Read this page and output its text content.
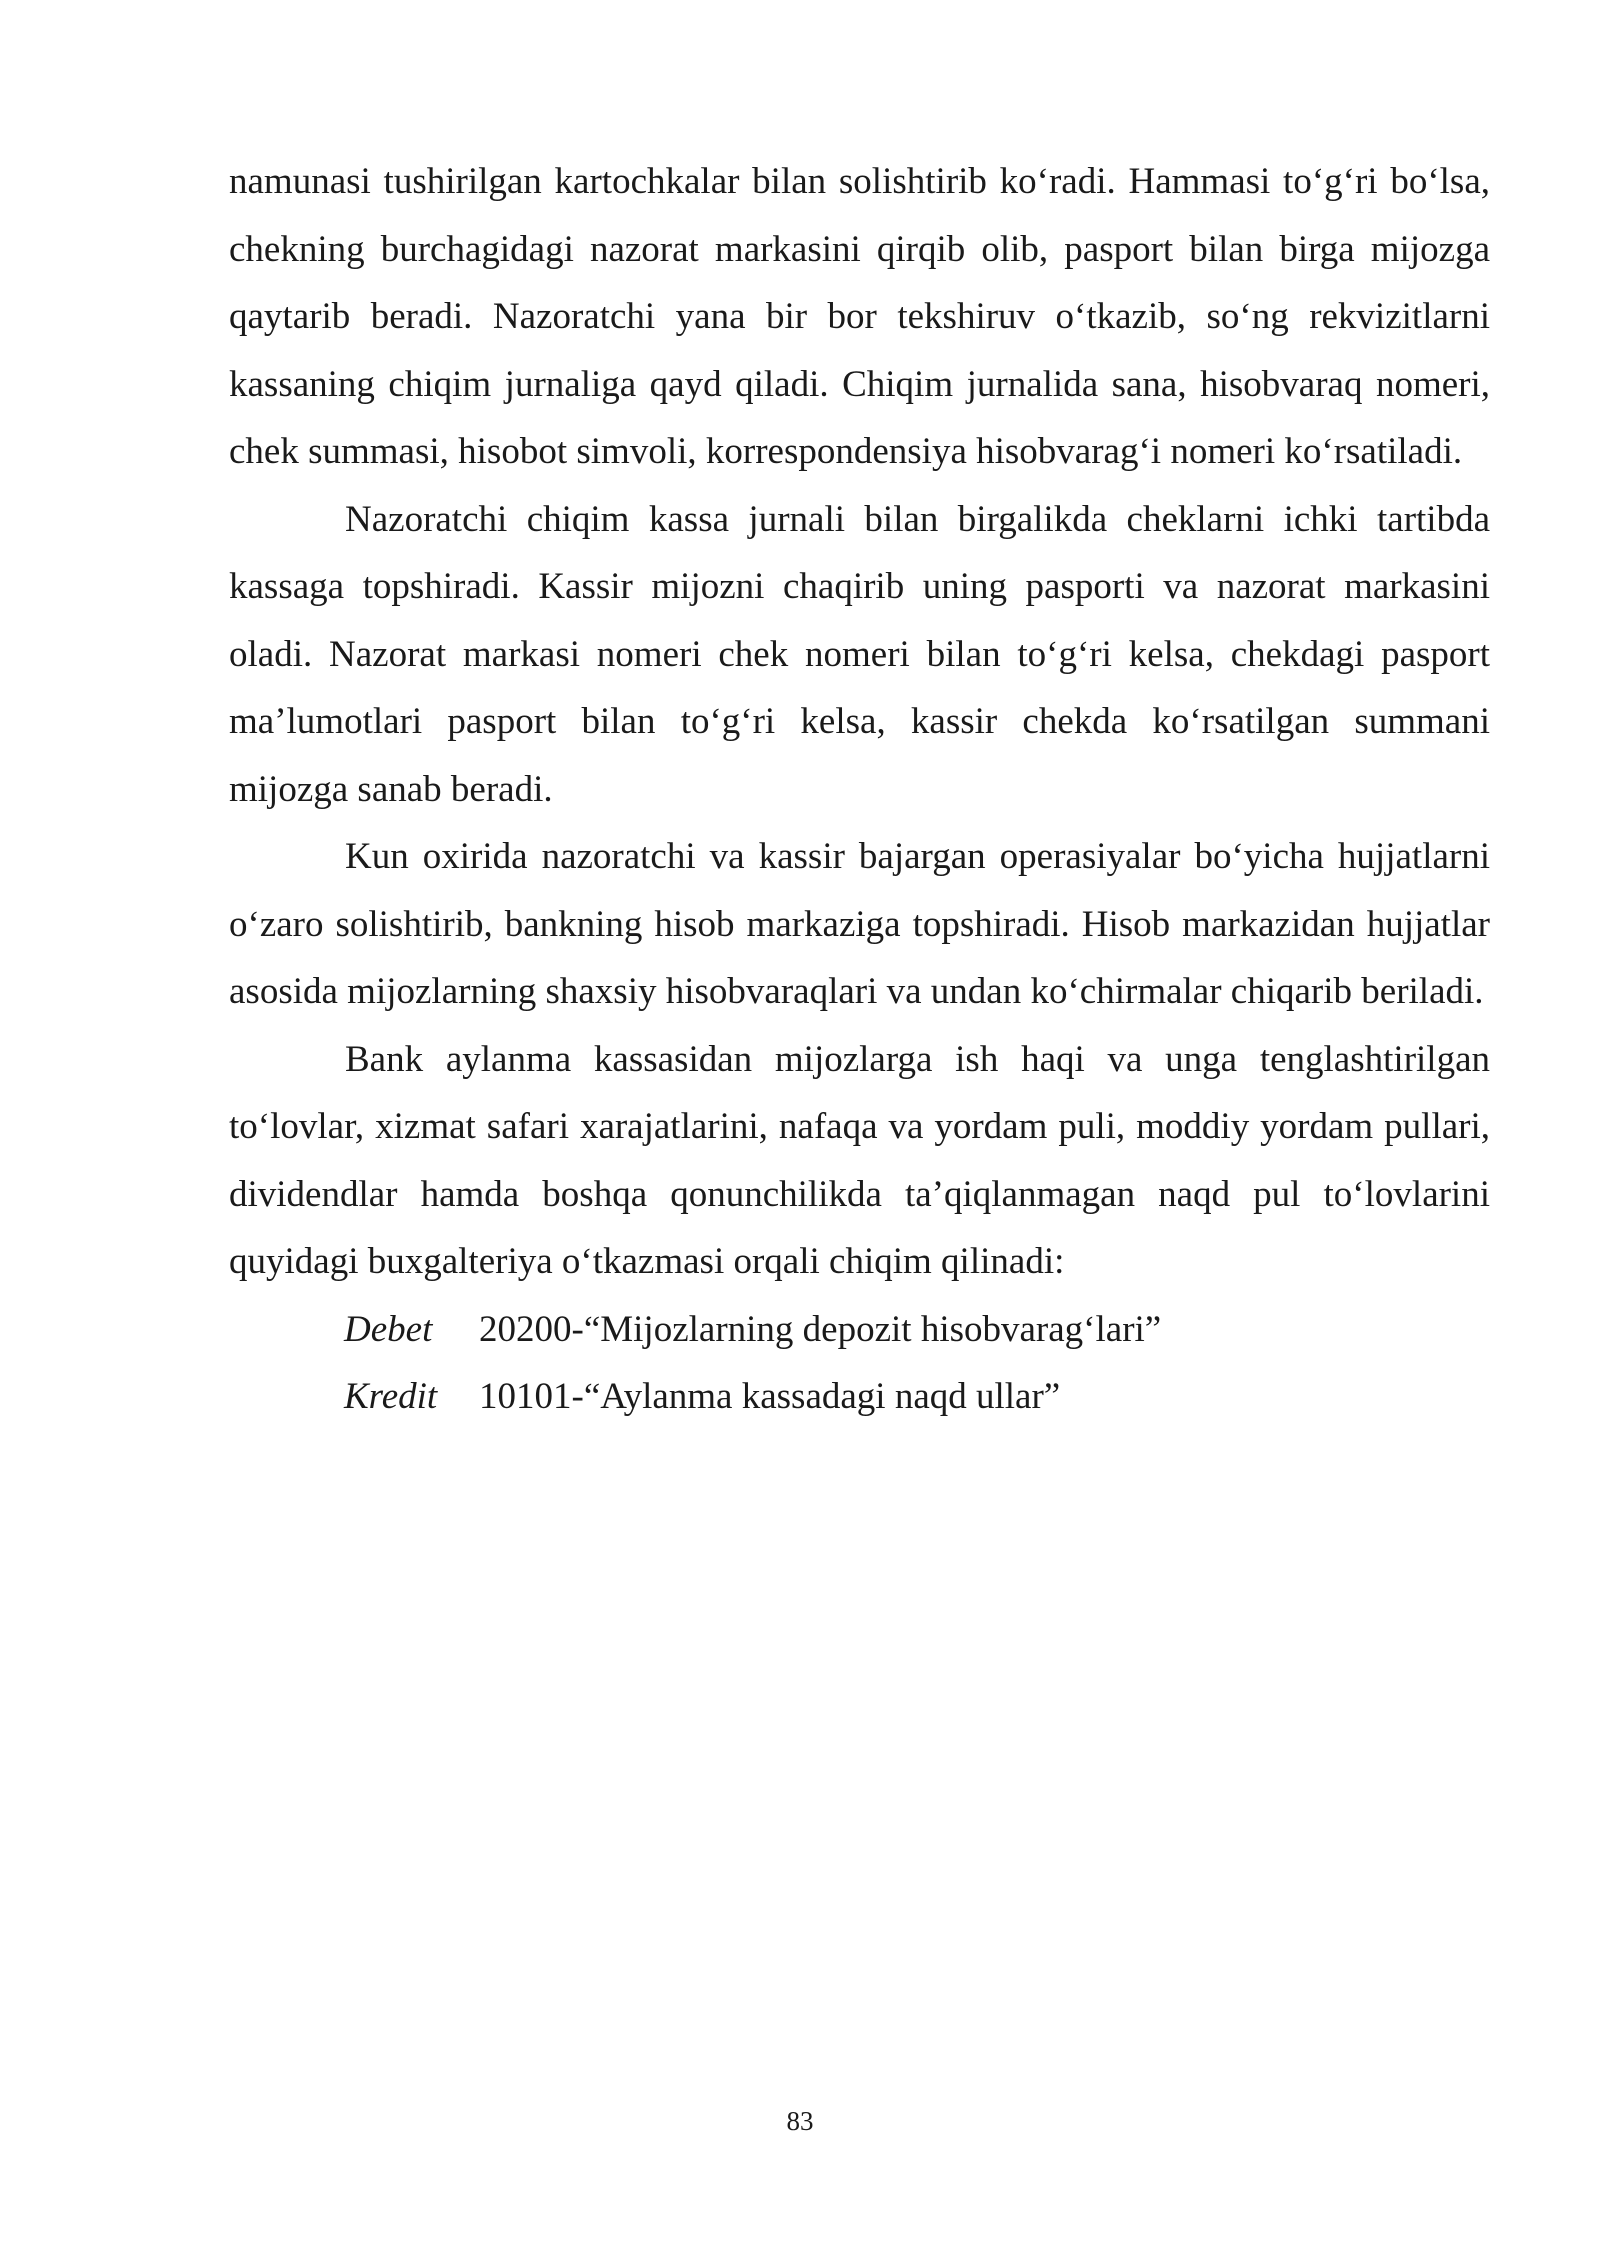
namunasi tushirilgan kartochkalar bilan solishtirib ko‘radi. Hammasi to‘g‘ri bo‘lsa, chekning burchagidagi nazorat markasini qirqib olib, pasport bilan birga mijozga qaytarib beradi. Nazoratchi yana bir bor tekshiruv o‘tkazib, so‘ng rekvizitlarni kassaning chiqim jurnaliga qayd qiladi. Chiqim jurnalida sana, hisobvaraq nomeri, chek summasi, hisobot simvoli, korrespondensiya hisobvarag‘i nomeri ko‘rsatiladi.

Nazoratchi chiqim kassa jurnali bilan birgalikda cheklarni ichki tartibda kassaga topshiradi. Kassir mijozni chaqirib uning pasporti va nazorat markasini oladi. Nazorat markasi nomeri chek nomeri bilan to‘g‘ri kelsa, chekdagi pasport ma’lumotlari pasport bilan to‘g‘ri kelsa, kassir chekda ko‘rsatilgan summani mijozga sanab beradi.

Kun oxirida nazoratchi va kassir bajargan operasiyalar bo‘yicha hujjatlarni o‘zaro solishtirib, bankning hisob markaziga topshiradi. Hisob markazidan hujjatlar asosida mijozlarning shaxsiy hisobvaraqlari va undan ko‘chirmalar chiqarib beriladi.

Bank aylanma kassasidan mijozlarga ish haqi va unga tenglashtirilgan to‘lovlar, xizmat safari xarajatlarini, nafaqa va yordam puli, moddiy yordam pullari, dividendlar hamda boshqa qonunchilikda ta’qiqlanmagan naqd pul to‘lovlarini quyidagi buxgalteriya o‘tkazmasi orqali chiqim qilinadi:

Debet	20200-“Mijozlarning depozit hisobvarag‘lari”
Kredit	10101-“Aylanma kassadagi naqd ullar”
83
